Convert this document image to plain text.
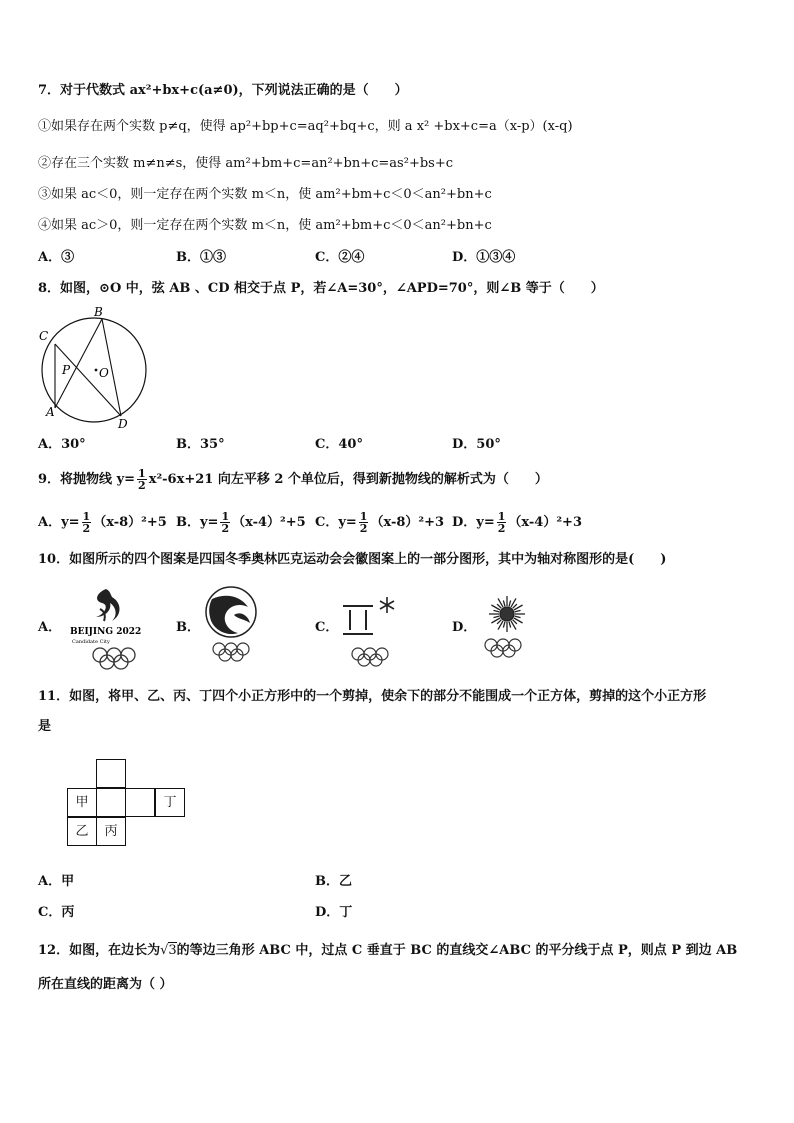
7．对于代数式 ax²+bx+c(a≠0)，下列说法正确的是（　　）
①如果存在两个实数 p≠q，使得 ap²+bp+c=aq²+bq+c，则 a x² +bx+c=a（x-p）(x-q)
②存在三个实数 m≠n≠s，使得 am²+bm+c=an²+bn+c=as²+bs+c
③如果 ac＜0，则一定存在两个实数 m＜n，使 am²+bm+c＜0＜an²+bn+c
④如果 ac＞0，则一定存在两个实数 m＜n，使 am²+bm+c＜0＜an²+bn+c
A．③	B．①③	C．②④	D．①③④
8．如图，⊙O 中，弦 AB 、CD 相交于点 P，若∠A=30°，∠APD=70°，则∠B 等于（　　）
B
C
P O
A
D
A．30°	B．35°	C．40°	D．50°
9．将抛物线 $y= \frac{1}{2} x^2-6x+21$ 向左平移 2 个单位后，得到新抛物线的解析式为（　　）
A．$y= \frac{1}{2} (x-8)^2+5$ B．$y= \frac{1}{2} (x-4)^2+5$ C．$y= \frac{1}{2} (x-8)^2+3$ D．$y= \frac{1}{2} (x-4)^2+3$
10．如图所示的四个图案是四国冬季奥林匹克运动会会徽图案上的一部分图形，其中为轴对称图形的是(　　)
A． BEIJING 2022
Candidate City
B．	C．	D．
11．如图，将甲、乙、丙、丁四个小正方形中的一个剪掉，使余下的部分不能围成一个正方体，剪掉的这个小正方形
是
甲	丁
乙	丙
A．甲	B．乙
C．丙	D．丁
12．如图，在边长为√3的等边三角形 ABC 中，过点 C 垂直于 BC 的直线交∠ABC 的平分线于点 P，则点 P 到边 AB
所在直线的距离为（ ）
